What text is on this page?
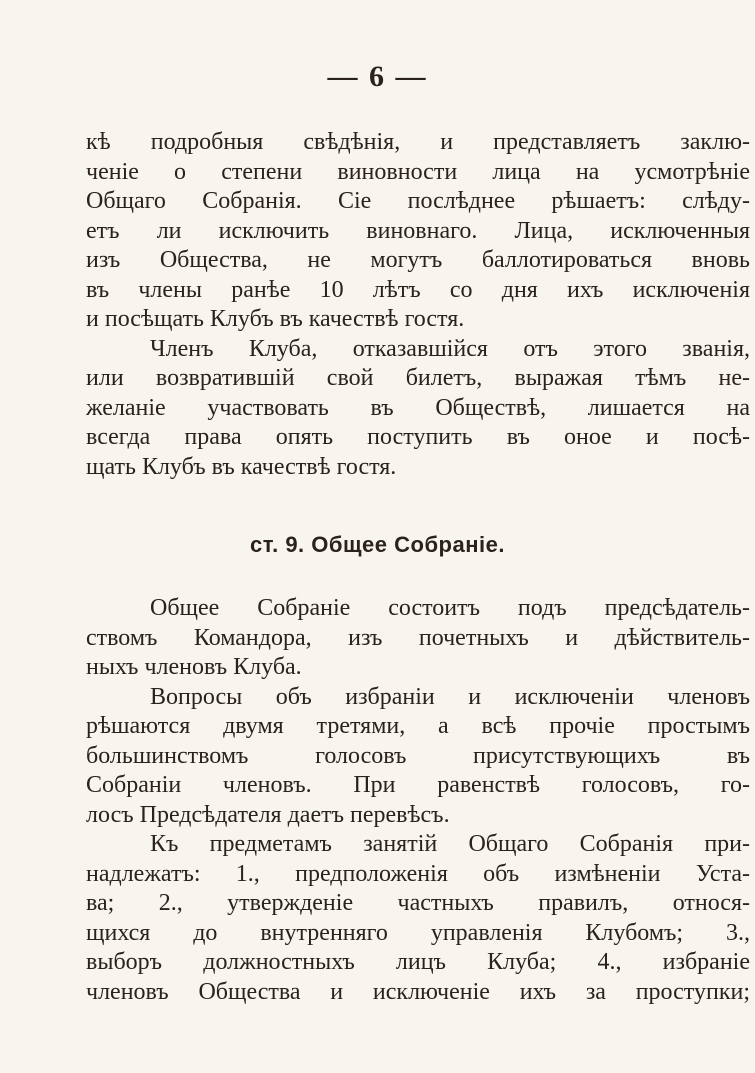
— 6 —
кѣ подробныя свѣдѣнія, и представляетъ заклю-
ченіе о степени виновности лица на усмотрѣніе
Общаго Собранія. Сіе послѣднее рѣшаетъ: слѣду-
етъ ли исключить виновнаго. Лица, исключенныя
изъ Общества, не могутъ баллотироваться вновь
въ члены ранѣе 10 лѣтъ со дня ихъ исключенія
и посѣщать Клубъ въ качествѣ гостя.
Членъ Клуба, отказавшійся отъ этого званія,
или возвратившій свой билетъ, выражая тѣмъ не-
желаніе участвовать въ Обществѣ, лишается на
всегда права опять поступить въ оное и посѣ-
щать Клубъ въ качествѣ гостя.
ст. 9. Общее Собранiе.
Общее Собраніе состоитъ подъ предсѣдатель-
ствомъ Командора, изъ почетныхъ и дѣйствитель-
ныхъ членовъ Клуба.
Вопросы объ избраніи и исключеніи членовъ
рѣшаются двумя третями, а всѣ прочіе простымъ
большинствомъ голосовъ присутствующихъ въ
Собраніи членовъ. При равенствѣ голосовъ, го-
лосъ Предсѣдателя даетъ перевѣсъ.
Къ предметамъ занятій Общаго Собранія при-
надлежатъ: 1., предположенія объ измѣненіи Уста-
ва; 2., утвержденіе частныхъ правилъ, относя-
щихся до внутренняго управленія Клубомъ; 3.,
выборъ должностныхъ лицъ Клуба; 4., избраніе
членовъ Общества и исключеніе ихъ за проступки;
